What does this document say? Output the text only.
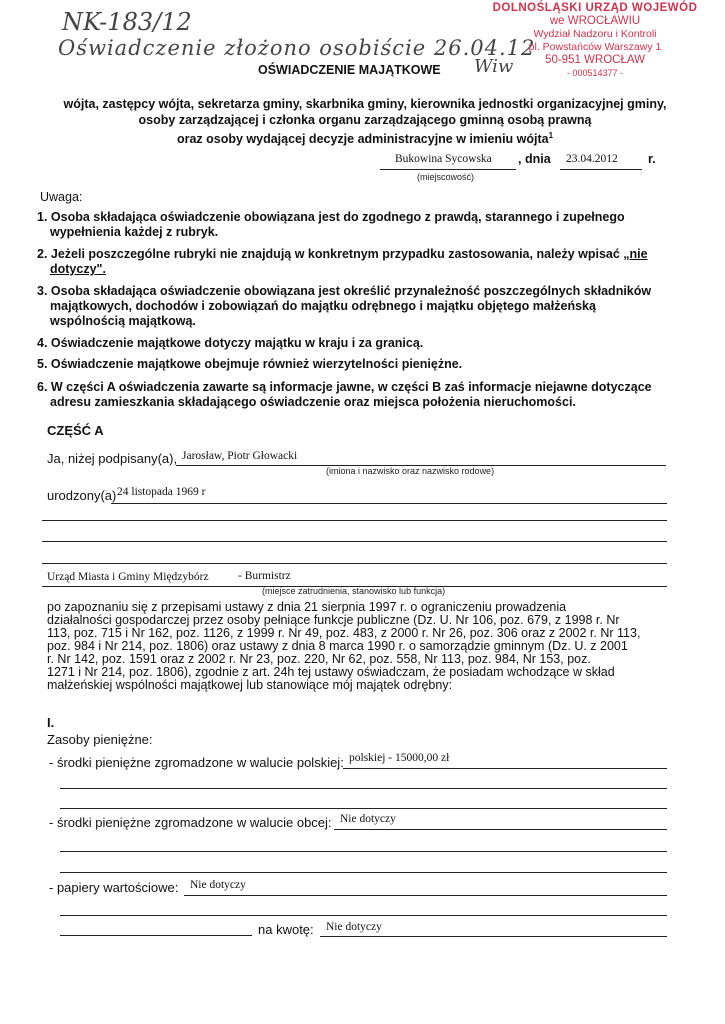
NK-183/12
Oświadczenie złożono osobiście 26.04.12
Wiw
DOLNOŚLĄSKI URZĄD WOJEWÓD
we WROCŁAWIU
Wydział Nadzoru i Kontroli
pl. Powstańców Warszawy 1
50-951 WROCŁAW
- 000514377 -
OŚWIADCZENIE MAJĄTKOWE
wójta, zastępcy wójta, sekretarza gminy, skarbnika gminy, kierownika jednostki organizacyjnej gminy,
osoby zarządzającej i członka organu zarządzającego gminną osobą prawną
oraz osoby wydającej decyzje administracyjne w imieniu wójta$^1$
Bukowina Sycowska
(miejscowość)
, dnia 23.04.2012 r.
Uwaga:
1. Osoba składająca oświadczenie obowiązana jest do zgodnego z prawdą, starannego i zupełnego
wypełnienia każdej z rubryk.
2. Jeżeli poszczególne rubryki nie znajdują w konkretnym przypadku zastosowania, należy wpisać „nie
dotyczy".
3. Osoba składająca oświadczenie obowiązana jest określić przynależność poszczególnych składników
majątkowych, dochodów i zobowiązań do majątku odrębnego i majątku objętego małżeńską
wspólnością majątkową.
4. Oświadczenie majątkowe dotyczy majątku w kraju i za granicą.
5. Oświadczenie majątkowe obejmuje również wierzytelności pieniężne.
6. W części A oświadczenia zawarte są informacje jawne, w części B zaś informacje niejawne dotyczące
adresu zamieszkania składającego oświadczenie oraz miejsca położenia nieruchomości.
CZĘŚĆ A
Ja, niżej podpisany(a), Jarosław, Piotr Głowacki
(imiona i nazwisko oraz nazwisko rodowe)
urodzony(a) 24 listopada 1969 r
Urząd Miasta i Gminy Międzybórz	- Burmistrz
(miejsce zatrudnienia, stanowisko lub funkcja)
po zapoznaniu się z przepisami ustawy z dnia 21 sierpnia 1997 r. o ograniczeniu prowadzenia
działalności gospodarczej przez osoby pełniące funkcje publiczne (Dz. U. Nr 106, poz. 679, z 1998 r. Nr
113, poz. 715 i Nr 162, poz. 1126, z 1999 r. Nr 49, poz. 483, z 2000 r. Nr 26, poz. 306 oraz z 2002 r. Nr 113,
poz. 984 i Nr 214, poz. 1806) oraz ustawy z dnia 8 marca 1990 r. o samorządzie gminnym (Dz. U. z 2001
r. Nr 142, poz. 1591 oraz z 2002 r. Nr 23, poz. 220, Nr 62, poz. 558, Nr 113, poz. 984, Nr 153, poz.
1271 i Nr 214, poz. 1806), zgodnie z art. 24h tej ustawy oświadczam, że posiadam wchodzące w skład
małżeńskiej wspólności majątkowej lub stanowiące mój majątek odrębny:
I.
Zasoby pieniężne:
- środki pieniężne zgromadzone w walucie polskiej: polskiej - 15000,00 zł
- środki pieniężne zgromadzone w walucie obcej: Nie dotyczy
- papiery wartościowe: Nie dotyczy
na kwotę: Nie dotyczy
